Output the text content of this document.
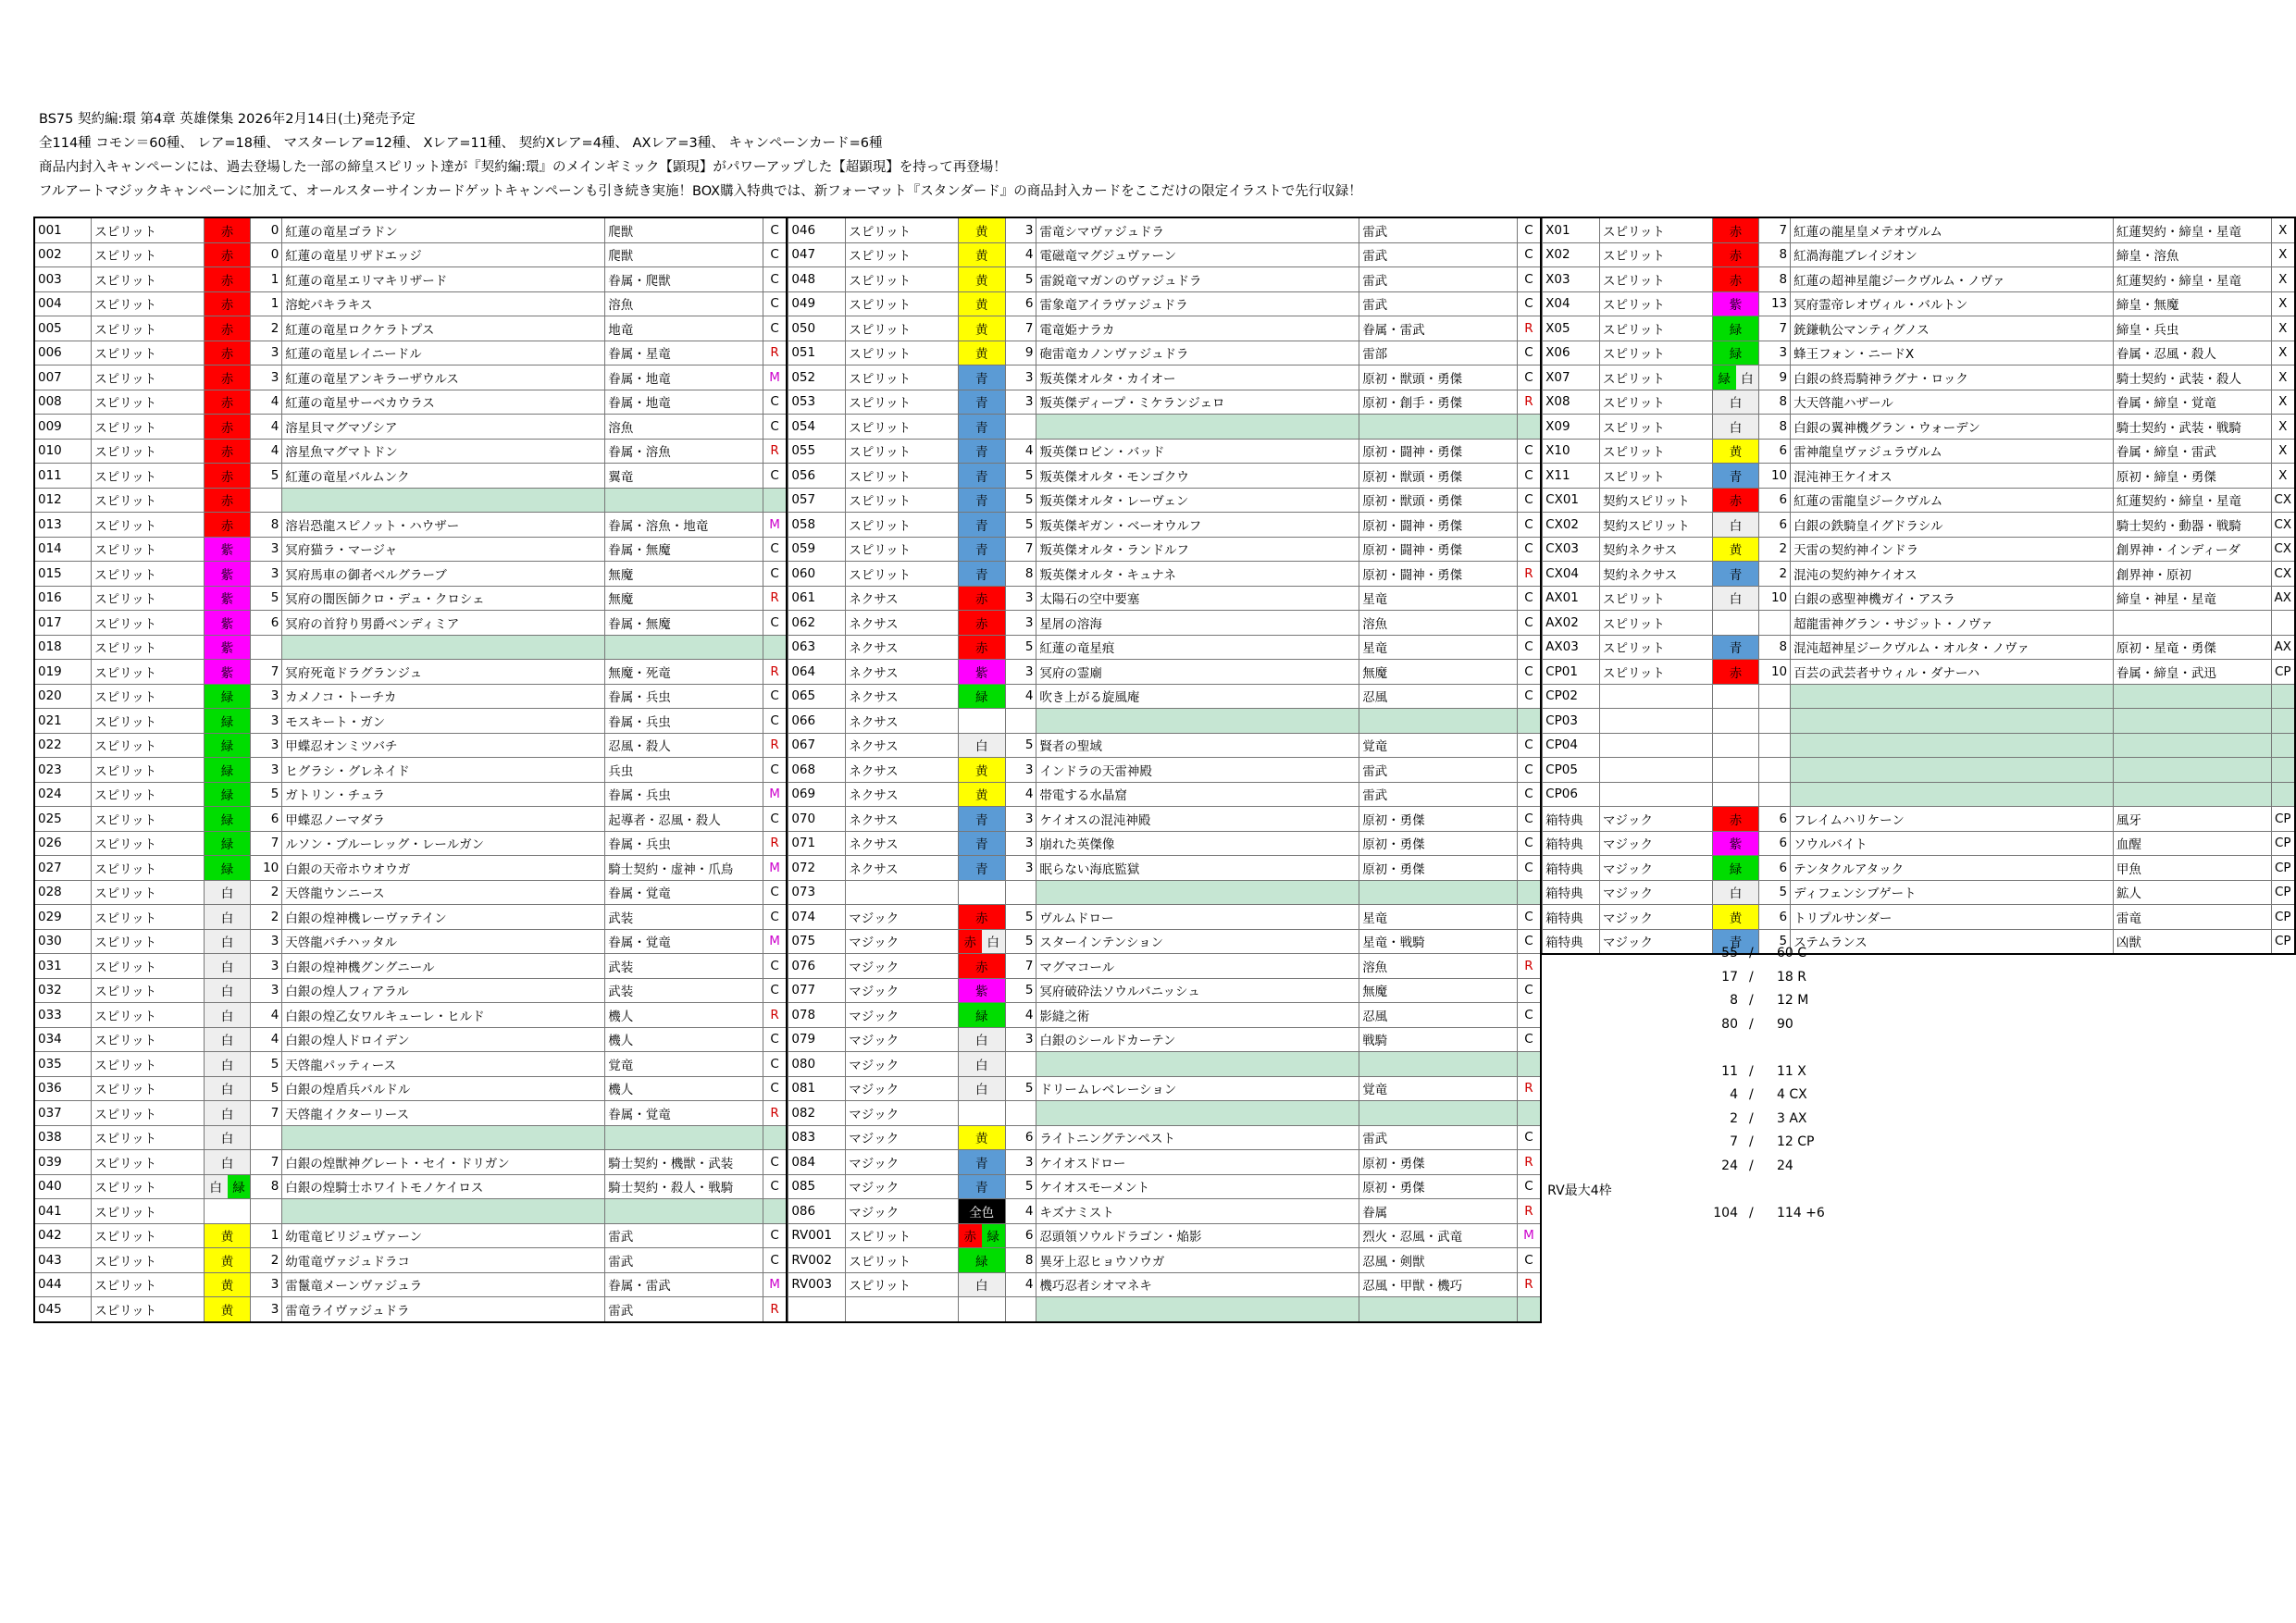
BS75 契約編:環 第4章 英雄傑集 2026年2月14日(土)発売予定
全114種 コモン＝60種、 レア=18種、 マスターレア=12種、 Xレア=11種、 契約Xレア=4種、 AXレア=3種、 キャンペーンカード=6種
商品内封入キャンペーンには、過去登場した一部の締皇スピリット達が『契約編:環』のメインギミック【顕現】がパワーアップした【超顕現】を持って再登場！
フルアートマジックキャンペーンに加えて、オールスターサインカードゲットキャンペーンも引き続き実施！BOX購入特典では、新フォーマット『スタンダード』の商品封入カードをここだけの限定イラストで先行収録！
001	スピリット	赤	0	紅蓮の竜星ゴラドン	爬獣	C
002	スピリット	赤	0	紅蓮の竜星リザドエッジ	爬獣	C
003	スピリット	赤	1	紅蓮の竜星エリマキリザード	眷属・爬獣	C
004	スピリット	赤	1	溶蛇パキラキス	溶魚	C
005	スピリット	赤	2	紅蓮の竜星ロクケラトプス	地竜	C
006	スピリット	赤	3	紅蓮の竜星レイニードル	眷属・星竜	R
007	スピリット	赤	3	紅蓮の竜星アンキラーザウルス	眷属・地竜	M
008	スピリット	赤	4	紅蓮の竜星サーベカウラス	眷属・地竜	C
009	スピリット	赤	4	溶星貝マグマゾシア	溶魚	C
010	スピリット	赤	4	溶星魚マグマトドン	眷属・溶魚	R
011	スピリット	赤	5	紅蓮の竜星バルムンク	翼竜	C
012	スピリット	赤				
013	スピリット	赤	8	溶岩恐龍スピノット・ハウザー	眷属・溶魚・地竜	M
014	スピリット	紫	3	冥府猫ラ・マージャ	眷属・無魔	C
015	スピリット	紫	3	冥府馬車の御者ベルグラーブ	無魔	C
016	スピリット	紫	5	冥府の闇医師クロ・デュ・クロシェ	無魔	R
017	スピリット	紫	6	冥府の首狩り男爵ベンディミア	眷属・無魔	C
018	スピリット	紫				
019	スピリット	紫	7	冥府死竜ドラグランジュ	無魔・死竜	R
020	スピリット	緑	3	カメノコ・トーチカ	眷属・兵虫	C
021	スピリット	緑	3	モスキート・ガン	眷属・兵虫	C
022	スピリット	緑	3	甲蝶忍オンミツバチ	忍風・殺人	R
023	スピリット	緑	3	ヒグラシ・グレネイド	兵虫	C
024	スピリット	緑	5	ガトリン・チュラ	眷属・兵虫	M
025	スピリット	緑	6	甲蝶忍ノーマダラ	起導者・忍風・殺人	C
026	スピリット	緑	7	ルソン・ブルーレッグ・レールガン	眷属・兵虫	R
027	スピリット	緑	10	白銀の天帝ホウオウガ	騎士契約・虚神・爪鳥	M
028	スピリット	白	2	天啓龍ウンニース	眷属・覚竜	C
029	スピリット	白	2	白銀の煌神機レーヴァテイン	武装	C
030	スピリット	白	3	天啓龍パチハッタル	眷属・覚竜	M
031	スピリット	白	3	白銀の煌神機グングニール	武装	C
032	スピリット	白	3	白銀の煌人フィアラル	武装	C
033	スピリット	白	4	白銀の煌乙女ワルキューレ・ヒルド	機人	R
034	スピリット	白	4	白銀の煌人ドロイデン	機人	C
035	スピリット	白	5	天啓龍パッティース	覚竜	C
036	スピリット	白	5	白銀の煌盾兵バルドル	機人	C
037	スピリット	白	7	天啓龍イクターリース	眷属・覚竜	R
038	スピリット	白				
039	スピリット	白	7	白銀の煌獣神グレート・セイ・ドリガン	騎士契約・機獣・武装	C
040	スピリット	白 緑	8	白銀の煌騎士ホワイトモノケイロス	騎士契約・殺人・戦騎	C
041	スピリット					
042	スピリット	黄	1	幼電竜ビリジュヴァーン	雷武	C
043	スピリット	黄	2	幼電竜ヴァジュドラコ	雷武	C
044	スピリット	黄	3	雷鬣竜メーンヴァジュラ	眷属・雷武	M
045	スピリット	黄	3	雷竜ライヴァジュドラ	雷武	R
046	スピリット	黄	3	雷竜シマヴァジュドラ	雷武	C
047	スピリット	黄	4	電磁竜マグジュヴァーン	雷武	C
048	スピリット	黄	5	雷鋭竜マガンのヴァジュドラ	雷武	C
049	スピリット	黄	6	雷象竜アイラヴァジュドラ	雷武	C
050	スピリット	黄	7	電竜姫ナラカ	眷属・雷武	R
051	スピリット	黄	9	砲雷竜カノンヴァジュドラ	雷部	C
052	スピリット	青	3	叛英傑オルタ・カイオー	原初・獣頭・勇傑	C
053	スピリット	青	3	叛英傑ディープ・ミケランジェロ	原初・創手・勇傑	R
054	スピリット	青				
055	スピリット	青	4	叛英傑ロビン・バッド	原初・闘神・勇傑	C
056	スピリット	青	5	叛英傑オルタ・モンゴクウ	原初・獣頭・勇傑	C
057	スピリット	青	5	叛英傑オルタ・レーヴェン	原初・獣頭・勇傑	C
058	スピリット	青	5	叛英傑ギガン・ベーオウルフ	原初・闘神・勇傑	C
059	スピリット	青	7	叛英傑オルタ・ランドルフ	原初・闘神・勇傑	C
060	スピリット	青	8	叛英傑オルタ・キュナネ	原初・闘神・勇傑	R
061	ネクサス	赤	3	太陽石の空中要塞	星竜	C
062	ネクサス	赤	3	星屑の溶海	溶魚	C
063	ネクサス	赤	5	紅蓮の竜星痕	星竜	C
064	ネクサス	紫	3	冥府の霊廟	無魔	C
065	ネクサス	緑	4	吹き上がる旋風庵	忍風	C
066	ネクサス					
067	ネクサス	白	5	賢者の聖域	覚竜	C
068	ネクサス	黄	3	インドラの天雷神殿	雷武	C
069	ネクサス	黄	4	帯電する水晶窟	雷武	C
070	ネクサス	青	3	ケイオスの混沌神殿	原初・勇傑	C
071	ネクサス	青	3	崩れた英傑像	原初・勇傑	C
072	ネクサス	青	3	眠らない海底監獄	原初・勇傑	C
073						
074	マジック	赤	5	ヴルムドロー	星竜	C
075	マジック	赤 白	5	スターインテンション	星竜・戦騎	C
076	マジック	赤	7	マグマコール	溶魚	R
077	マジック	紫	5	冥府破砕法ソウルバニッシュ	無魔	C
078	マジック	緑	4	影縫之術	忍風	C
079	マジック	白	3	白銀のシールドカーテン	戦騎	C
080	マジック	白				
081	マジック	白	5	ドリームレベレーション	覚竜	R
082	マジック					
083	マジック	黄	6	ライトニングテンペスト	雷武	C
084	マジック	青	3	ケイオスドロー	原初・勇傑	R
085	マジック	青	5	ケイオスモーメント	原初・勇傑	C
086	マジック	全色	4	キズナミスト	眷属	R
RV001	スピリット	赤 緑	6	忍頭領ソウルドラゴン・焔影	烈火・忍風・武竜	M
RV002	スピリット	緑	8	異牙上忍ヒョウソウガ	忍風・剣獣	C
RV003	スピリット	白	4	機巧忍者シオマネキ	忍風・甲獣・機巧	R

X01	スピリット	赤	7	紅蓮の龍星皇メテオヴルム	紅蓮契約・締皇・星竜	X
X02	スピリット	赤	8	紅渦海龍ブレイジオン	締皇・溶魚	X
X03	スピリット	赤	8	紅蓮の超神星龍ジークヴルム・ノヴァ	紅蓮契約・締皇・星竜	X
X04	スピリット	紫	13	冥府霊帝レオヴィル・バルトン	締皇・無魔	X
X05	スピリット	緑	7	銃鎌軌公マンティグノス	締皇・兵虫	X
X06	スピリット	緑	3	蜂王フォン・ニードX	眷属・忍風・殺人	X
X07	スピリット	緑 白	9	白銀の終焉騎神ラグナ・ロック	騎士契約・武装・殺人	X
X08	スピリット	白	8	大天啓龍ハザール	眷属・締皇・覚竜	X
X09	スピリット	白	8	白銀の翼神機グラン・ウォーデン	騎士契約・武装・戦騎	X
X10	スピリット	黄	6	雷神龍皇ヴァジュラヴルム	眷属・締皇・雷武	X
X11	スピリット	青	10	混沌神王ケイオス	原初・締皇・勇傑	X
CX01	契約スピリット	赤	6	紅蓮の雷龍皇ジークヴルム	紅蓮契約・締皇・星竜	CX
CX02	契約スピリット	白	6	白銀の鉄騎皇イグドラシル	騎士契約・動器・戦騎	CX
CX03	契約ネクサス	黄	2	天雷の契約神インドラ	創界神・インディーダ	CX
CX04	契約ネクサス	青	2	混沌の契約神ケイオス	創界神・原初	CX
AX01	スピリット	白	10	白銀の惑聖神機ガイ・アスラ	締皇・神星・星竜	AX
AX02	スピリット			超龍雷神グラン・サジット・ノヴァ		
AX03	スピリット	青	8	混沌超神星ジークヴルム・オルタ・ノヴァ	原初・星竜・勇傑	AX
CP01	スピリット	赤	10	百芸の武芸者サウィル・ダナーハ	眷属・締皇・武迅	CP
CP02						
CP03						
CP04						
CP05						
CP06						
箱特典	マジック	赤	6	フレイムハリケーン	風牙	CP
箱特典	マジック	紫	6	ソウルバイト	血醒	CP
箱特典	マジック	緑	6	テンタクルアタック	甲魚	CP
箱特典	マジック	白	5	ディフェンシブゲート	鉱人	CP
箱特典	マジック	黄	6	トリプルサンダー	雷竜	CP
箱特典	マジック	青	5	ステムランス	凶獣	CP
RV最大4枠
55 / 60 C
17 / 18 R
8 / 12 M
80 / 90
11 / 11 X
4 / 4 CX
2 / 3 AX
7 / 12 CP
24 / 24
104 / 114 +6
